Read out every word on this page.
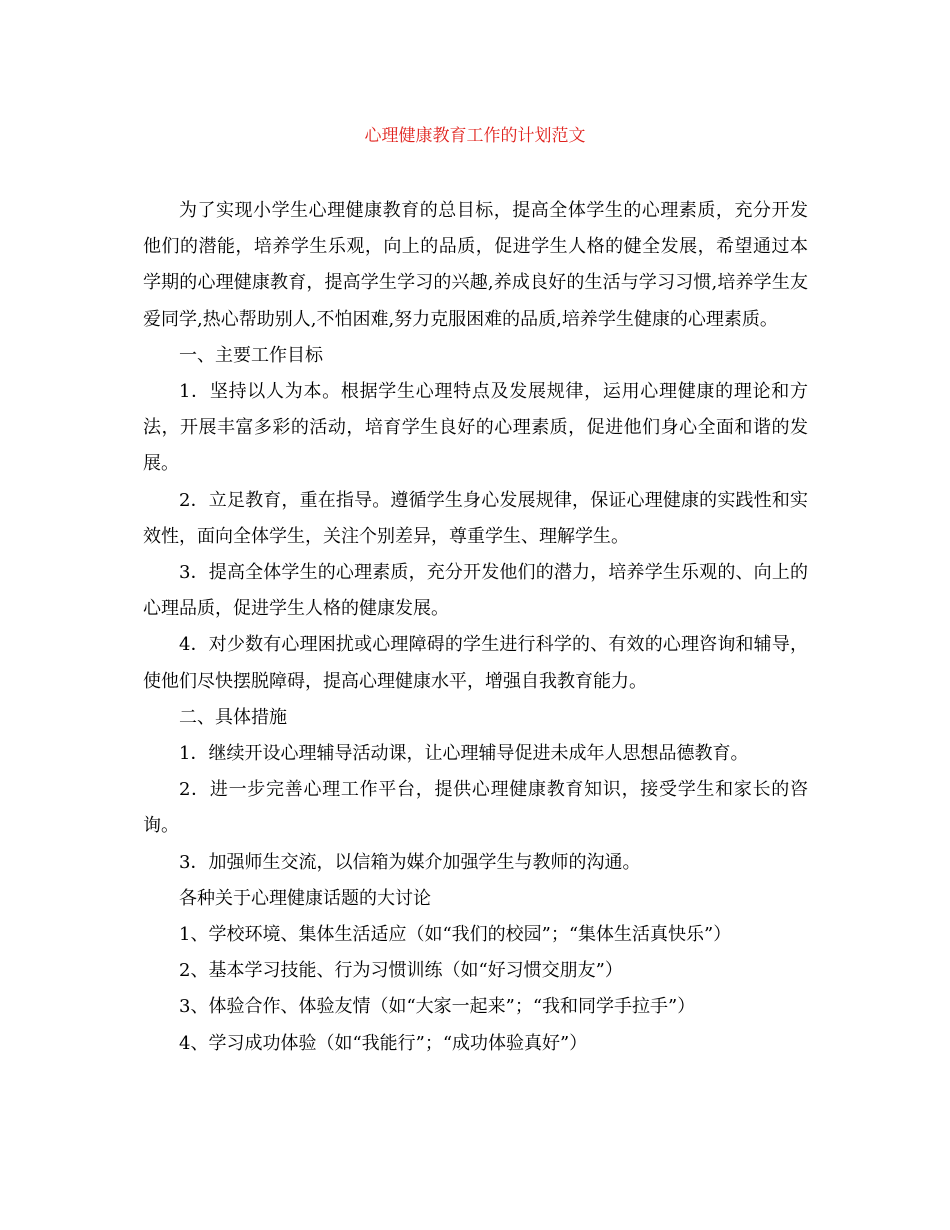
心理健康教育工作的计划范文

为了实现小学生心理健康教育的总目标，提高全体学生的心理素质，充分开发他们的潜能，培养学生乐观，向上的品质，促进学生人格的健全发展，希望通过本学期的心理健康教育，提高学生学习的兴趣,养成良好的生活与学习习惯,培养学生友爱同学,热心帮助别人,不怕困难,努力克服困难的品质,培养学生健康的心理素质。

一、主要工作目标

1．坚持以人为本。根据学生心理特点及发展规律，运用心理健康的理论和方法，开展丰富多彩的活动，培育学生良好的心理素质，促进他们身心全面和谐的发展。

2．立足教育，重在指导。遵循学生身心发展规律，保证心理健康的实践性和实效性，面向全体学生，关注个别差异，尊重学生、理解学生。

3．提高全体学生的心理素质，充分开发他们的潜力，培养学生乐观的、向上的心理品质，促进学生人格的健康发展。

4．对少数有心理困扰或心理障碍的学生进行科学的、有效的心理咨询和辅导，使他们尽快摆脱障碍，提高心理健康水平，增强自我教育能力。

二、具体措施

1．继续开设心理辅导活动课，让心理辅导促进未成年人思想品德教育。

2．进一步完善心理工作平台，提供心理健康教育知识，接受学生和家长的咨询。

3．加强师生交流，以信箱为媒介加强学生与教师的沟通。

各种关于心理健康话题的大讨论

1、学校环境、集体生活适应（如“我们的校园”；“集体生活真快乐”）

2、基本学习技能、行为习惯训练（如“好习惯交朋友”）

3、体验合作、体验友情（如“大家一起来”；“我和同学手拉手”）

4、学习成功体验（如“我能行”；“成功体验真好”）
